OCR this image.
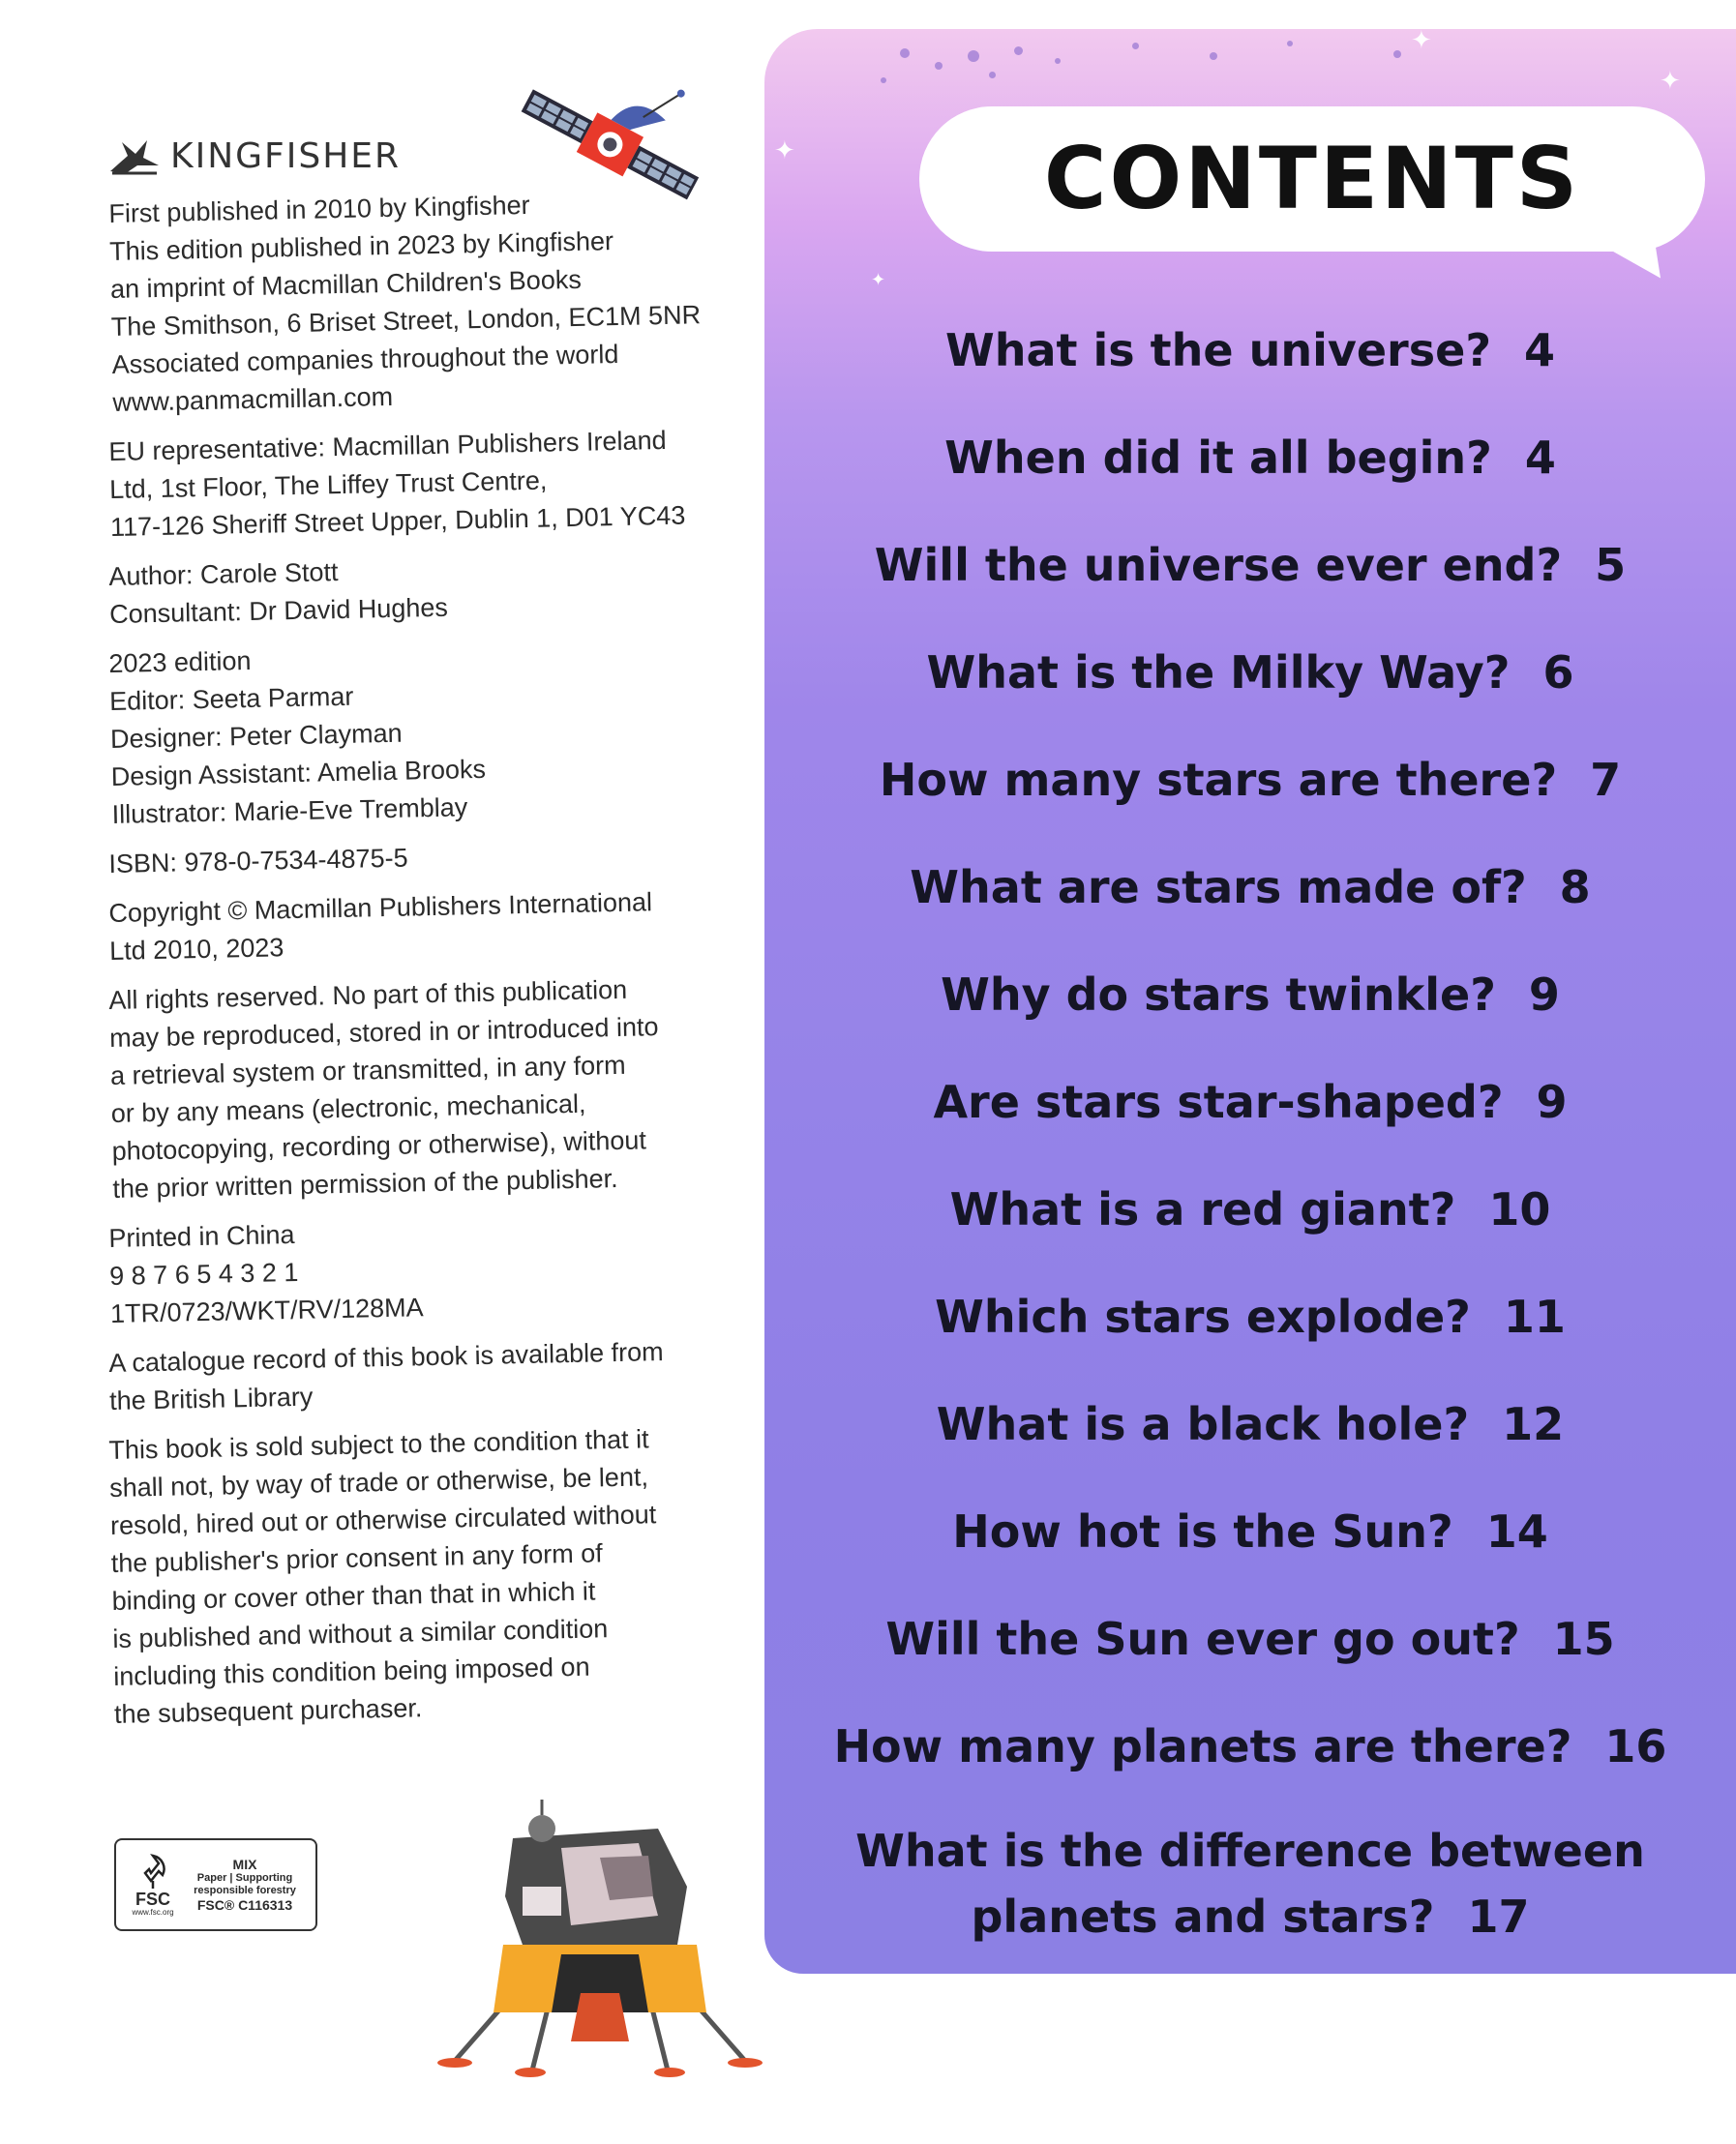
KINGFISHER
First published in 2010 by Kingfisher
This edition published in 2023 by Kingfisher
an imprint of Macmillan Children's Books
The Smithson, 6 Briset Street, London, EC1M 5NR
Associated companies throughout the world
www.panmacmillan.com
EU representative: Macmillan Publishers Ireland
Ltd, 1st Floor, The Liffey Trust Centre,
117-126 Sheriff Street Upper, Dublin 1, D01 YC43
Author: Carole Stott
Consultant: Dr David Hughes
2023 edition
Editor: Seeta Parmar
Designer: Peter Clayman
Design Assistant: Amelia Brooks
Illustrator: Marie-Eve Tremblay
ISBN: 978-0-7534-4875-5
Copyright © Macmillan Publishers International
Ltd 2010, 2023
All rights reserved. No part of this publication
may be reproduced, stored in or introduced into
a retrieval system or transmitted, in any form
or by any means (electronic, mechanical,
photocopying, recording or otherwise), without
the prior written permission of the publisher.
Printed in China
9 8 7 6 5 4 3 2 1
1TR/0723/WKT/RV/128MA
A catalogue record of this book is available from
the British Library
This book is sold subject to the condition that it
shall not, by way of trade or otherwise, be lent,
resold, hired out or otherwise circulated without
the publisher's prior consent in any form of
binding or cover other than that in which it
is published and without a similar condition
including this condition being imposed on
the subsequent purchaser.
FSC
www.fsc.org
MIX
Paper | Supporting
responsible forestry
FSC® C116313
✦
✦
✦
✦
CONTENTS
What is the universe? 4
When did it all begin? 4
Will the universe ever end? 5
What is the Milky Way? 6
How many stars are there? 7
What are stars made of? 8
Why do stars twinkle? 9
Are stars star-shaped? 9
What is a red giant? 10
Which stars explode? 11
What is a black hole? 12
How hot is the Sun? 14
Will the Sun ever go out? 15
How many planets are there? 16
What is the difference between
planets and stars? 17
